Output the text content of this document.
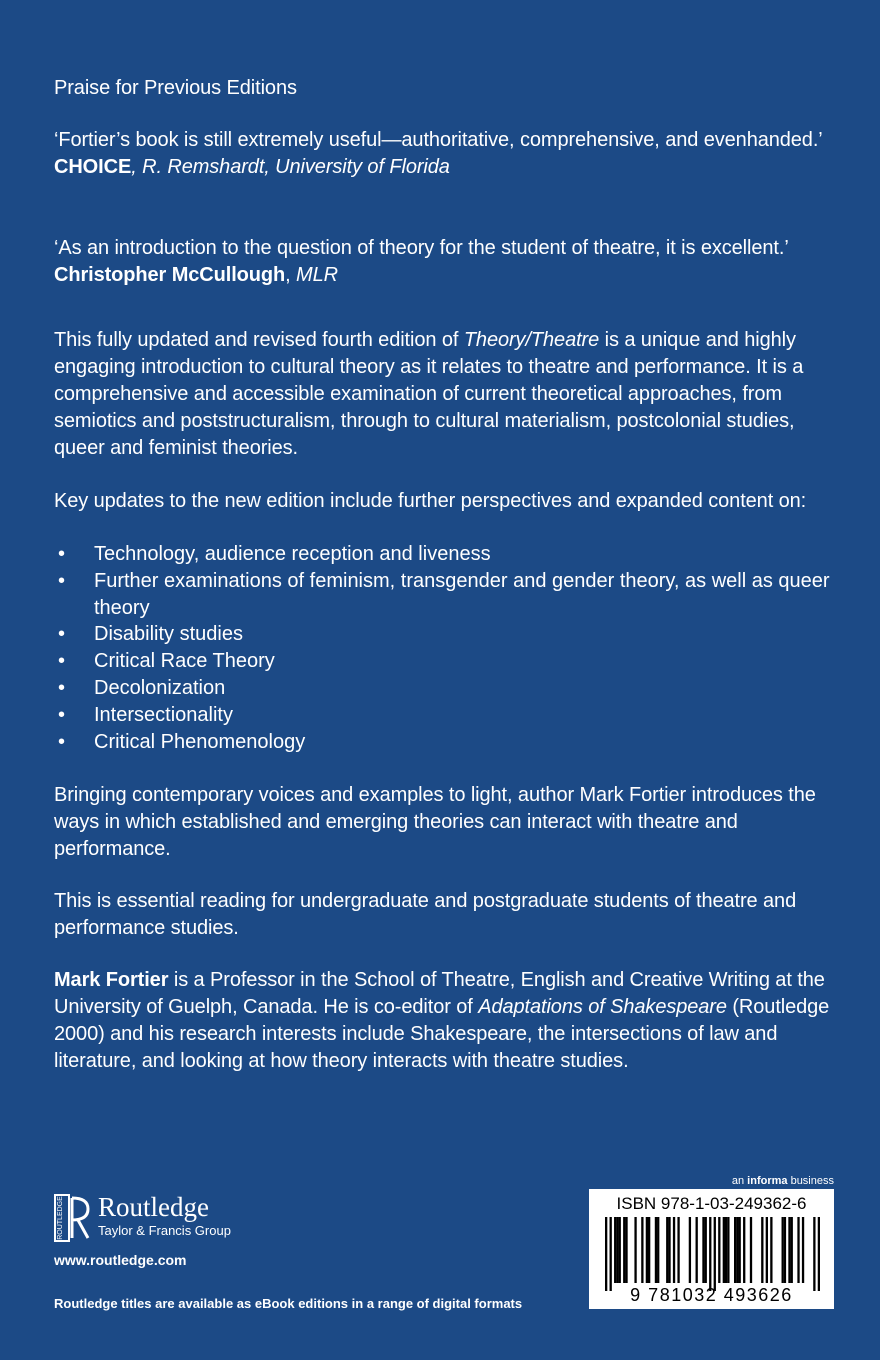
Praise for Previous Editions
‘Fortier’s book is still extremely useful—authoritative, comprehensive, and evenhanded.’
CHOICE, R. Remshardt, University of Florida
‘As an introduction to the question of theory for the student of theatre, it is excellent.’
Christopher McCullough, MLR
This fully updated and revised fourth edition of Theory/Theatre is a unique and highly engaging introduction to cultural theory as it relates to theatre and performance. It is a comprehensive and accessible examination of current theoretical approaches, from semiotics and poststructuralism, through to cultural materialism, postcolonial studies, queer and feminist theories.
Key updates to the new edition include further perspectives and expanded content on:
• Technology, audience reception and liveness
• Further examinations of feminism, transgender and gender theory, as well as queer theory
• Disability studies
• Critical Race Theory
• Decolonization
• Intersectionality
• Critical Phenomenology
Bringing contemporary voices and examples to light, author Mark Fortier introduces the ways in which established and emerging theories can interact with theatre and performance.
This is essential reading for undergraduate and postgraduate students of theatre and performance studies.
Mark Fortier is a Professor in the School of Theatre, English and Creative Writing at the University of Guelph, Canada. He is co-editor of Adaptations of Shakespeare (Routledge 2000) and his research interests include Shakespeare, the intersections of law and literature, and looking at how theory interacts with theatre studies.
ROUTLEDGE Routledge
Taylor & Francis Group
www.routledge.com
Routledge titles are available as eBook editions in a range of digital formats
an informa business
ISBN 978-1-03-249362-6
9 781032 493626
